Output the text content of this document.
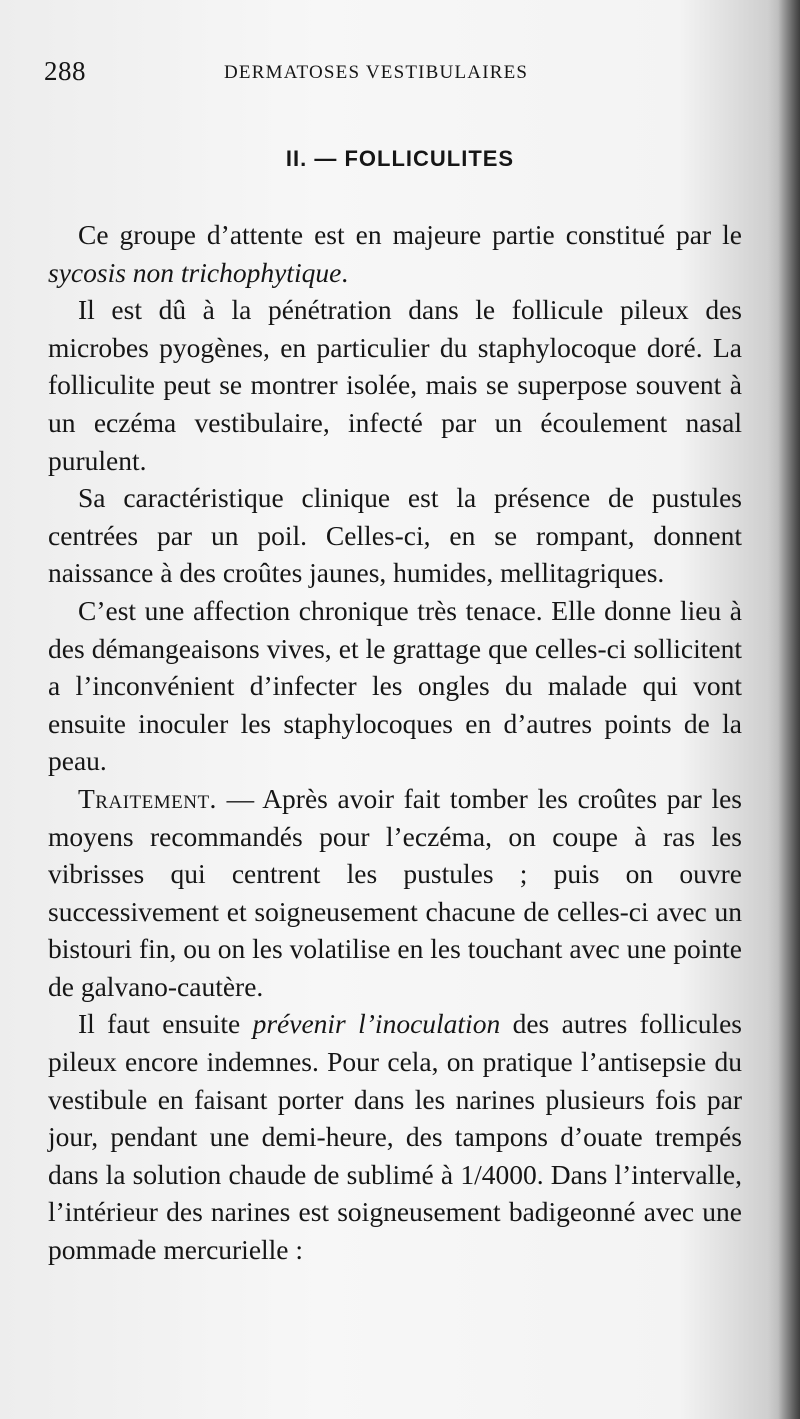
288	DERMATOSES VESTIBULAIRES
II. — FOLLICULITES

Ce groupe d’attente est en majeure partie constitué par le sycosis non trichophytique.

Il est dû à la pénétration dans le follicule pileux des microbes pyogènes, en particulier du staphylocoque doré. La folliculite peut se montrer isolée, mais se superpose souvent à un eczéma vestibulaire, infecté par un écoulement nasal purulent.

Sa caractéristique clinique est la présence de pustules centrées par un poil. Celles-ci, en se rompant, donnent naissance à des croûtes jaunes, humides, mellitagriques.

C’est une affection chronique très tenace. Elle donne lieu à des démangeaisons vives, et le grattage que celles-ci sollicitent a l’inconvénient d’infecter les ongles du malade qui vont ensuite inoculer les staphylocoques en d’autres points de la peau.

Traitement. — Après avoir fait tomber les croûtes par les moyens recommandés pour l’eczéma, on coupe à ras les vibrisses qui centrent les pustules ; puis on ouvre successivement et soigneusement chacune de celles-ci avec un bistouri fin, ou on les volatilise en les touchant avec une pointe de galvano-cautère.

Il faut ensuite prévenir l’inoculation des autres follicules pileux encore indemnes. Pour cela, on pratique l’antisepsie du vestibule en faisant porter dans les narines plusieurs fois par jour, pendant une demi-heure, des tampons d’ouate trempés dans la solution chaude de sublimé à 1/4000. Dans l’intervalle, l’intérieur des narines est soigneusement badigeonné avec une pommade mercurielle :
